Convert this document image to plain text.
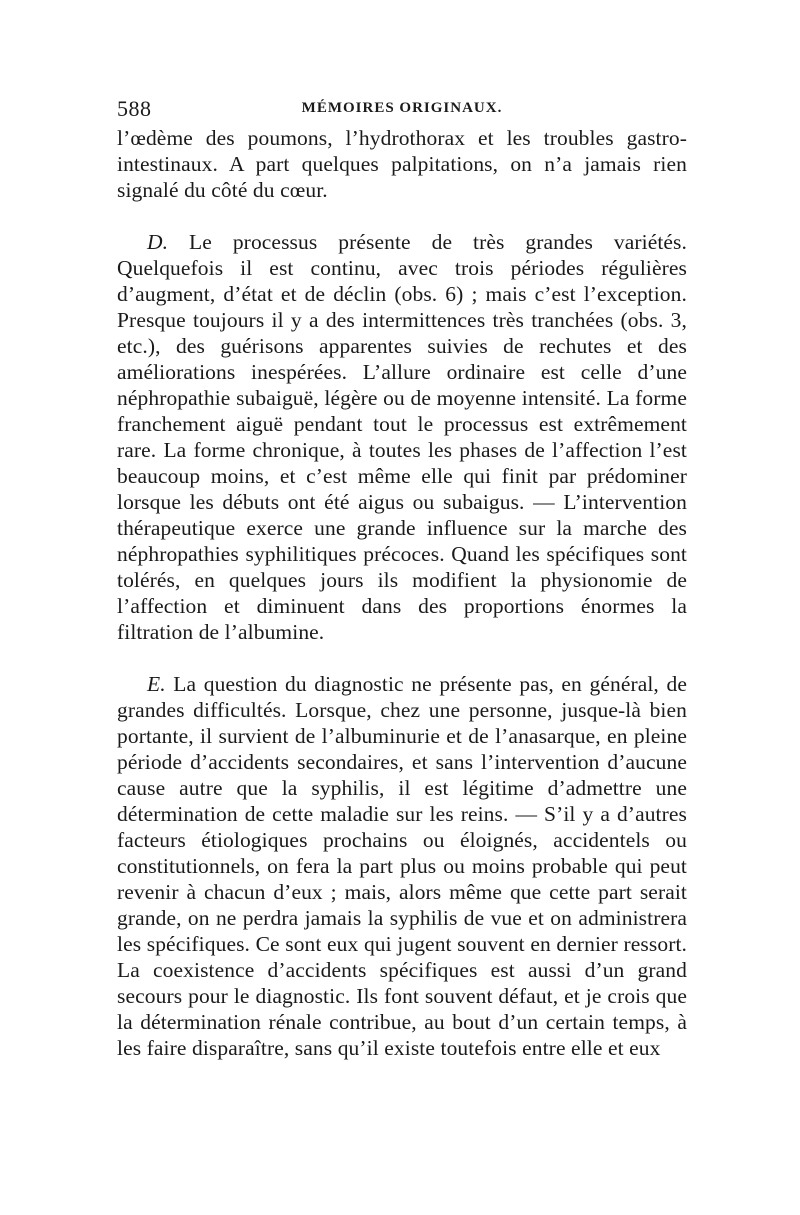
588	MÉMOIRES ORIGINAUX.

l’œdème des poumons, l’hydrothorax et les troubles gastro-intestinaux. A part quelques palpitations, on n’a jamais rien signalé du côté du cœur.

D. Le processus présente de très grandes variétés. Quelquefois il est continu, avec trois périodes régulières d’augment, d’état et de déclin (obs. 6) ; mais c’est l’exception. Presque toujours il y a des intermittences très tranchées (obs. 3, etc.), des guérisons apparentes suivies de rechutes et des améliorations inespérées. L’allure ordinaire est celle d’une néphropathie subaiguë, légère ou de moyenne intensité. La forme franchement aiguë pendant tout le processus est extrêmement rare. La forme chronique, à toutes les phases de l’affection l’est beaucoup moins, et c’est même elle qui finit par prédominer lorsque les débuts ont été aigus ou subaigus. — L’intervention thérapeutique exerce une grande influence sur la marche des néphropathies syphilitiques précoces. Quand les spécifiques sont tolérés, en quelques jours ils modifient la physionomie de l’affection et diminuent dans des proportions énormes la filtration de l’albumine.

E. La question du diagnostic ne présente pas, en général, de grandes difficultés. Lorsque, chez une personne, jusque-là bien portante, il survient de l’albuminurie et de l’anasarque, en pleine période d’accidents secondaires, et sans l’intervention d’aucune cause autre que la syphilis, il est légitime d’admettre une détermination de cette maladie sur les reins. — S’il y a d’autres facteurs étiologiques prochains ou éloignés, accidentels ou constitutionnels, on fera la part plus ou moins probable qui peut revenir à chacun d’eux ; mais, alors même que cette part serait grande, on ne perdra jamais la syphilis de vue et on administrera les spécifiques. Ce sont eux qui jugent souvent en dernier ressort. La coexistence d’accidents spécifiques est aussi d’un grand secours pour le diagnostic. Ils font souvent défaut, et je crois que la détermination rénale contribue, au bout d’un certain temps, à les faire disparaître, sans qu’il existe toutefois entre elle et eux
